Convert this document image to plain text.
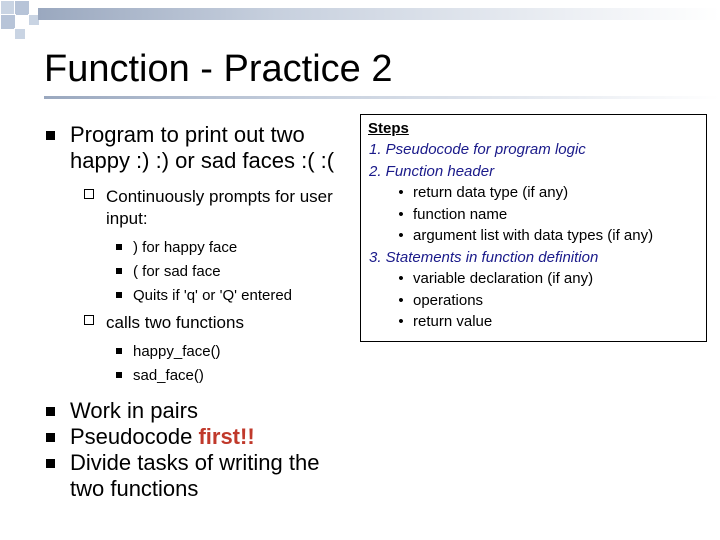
Function - Practice 2
Program to print out two happy :) :) or sad faces :( :(
Continuously prompts for user input:
) for happy face
( for sad face
Quits if 'q' or 'Q' entered
calls two functions
happy_face()
sad_face()
Work in pairs
Pseudocode first!!
Divide tasks of writing the two functions
Steps
1. Pseudocode for program logic
2. Function header
• return data type (if any)
• function name
• argument list with data types (if any)
3. Statements in function definition
• variable declaration (if any)
• operations
• return value
